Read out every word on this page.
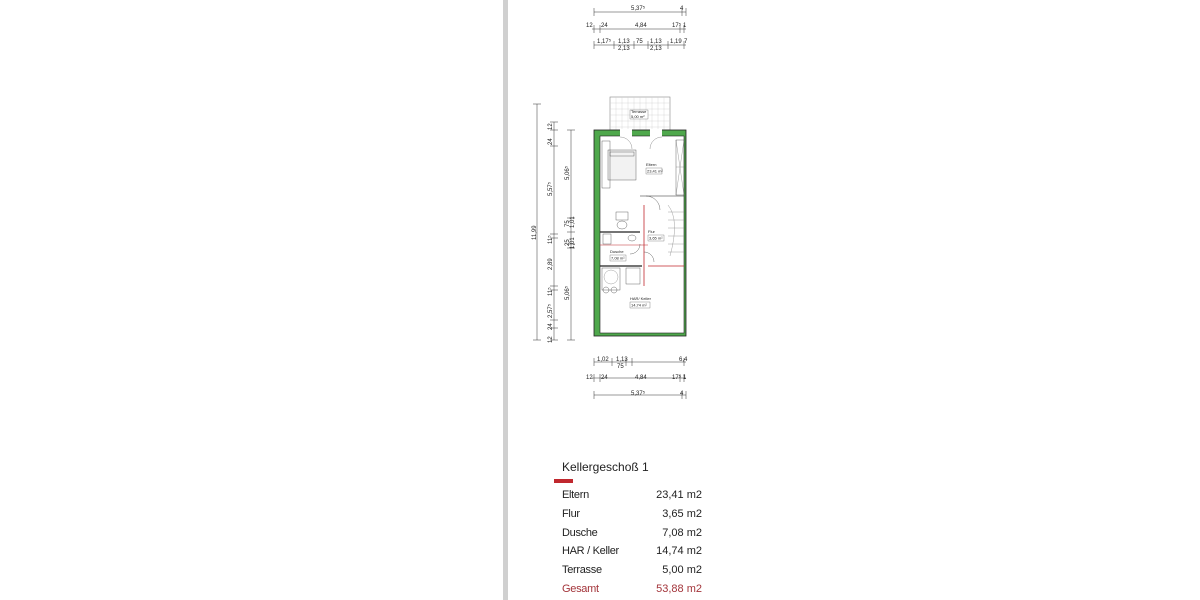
5,37⁵	4
12 24	4,84	17⁵ 1
1,17⁵ 1,13 75 1,13 1,19 7
2,13	2,13
11,99
12
24
5,57⁵
11⁵
2,89
11⁵
2,57⁵
24
12
5,06⁵
75 1,01
25 1,01
5,06⁵
Terrasse
5,00 m²
Eltern
23,41 m²
Flur
3,65 m²
Dusche
7,08 m²
HAR/ Keller
14,74 m²
1,02 1,13	6,4
75
12 24	4,84	17⁵ 1
5,37⁵	4
Kellergeschoß 1
Eltern	23,41 m2
Flur	3,65 m2
Dusche	7,08 m2
HAR / Keller	14,74 m2
Terrasse	5,00 m2
Gesamt	53,88 m2
